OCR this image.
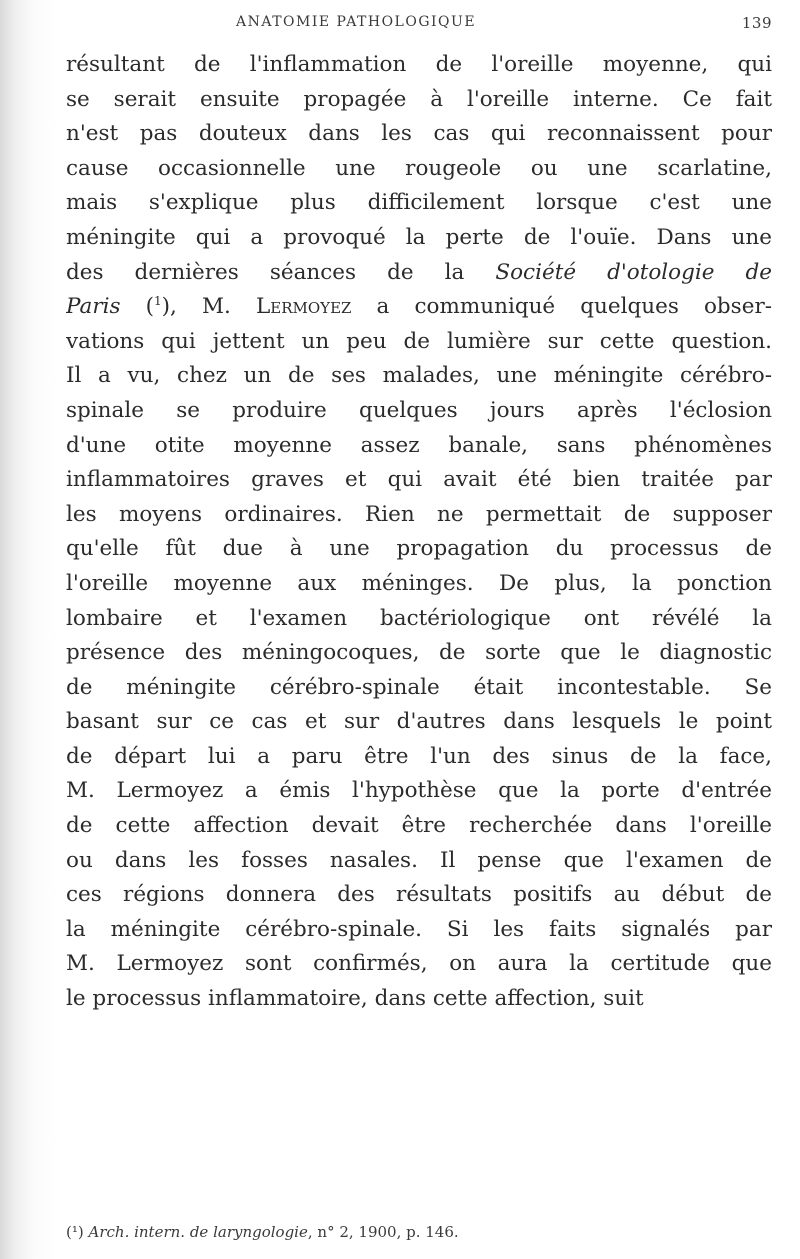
ANATOMIE PATHOLOGIQUE	139
résultant de l'inflammation de l'oreille moyenne, qui
se serait ensuite propagée à l'oreille interne. Ce fait
n'est pas douteux dans les cas qui reconnaissent pour
cause occasionnelle une rougeole ou une scarlatine,
mais s'explique plus difficilement lorsque c'est une
méningite qui a provoqué la perte de l'ouïe. Dans une
des dernières séances de la Société d'otologie de
Paris ($^1$), M. Lermoyez a communiqué quelques obser-
vations qui jettent un peu de lumière sur cette question.
Il a vu, chez un de ses malades, une méningite cérébro-
spinale se produire quelques jours après l'éclosion
d'une otite moyenne assez banale, sans phénomènes
inflammatoires graves et qui avait été bien traitée par
les moyens ordinaires. Rien ne permettait de supposer
qu'elle fût due à une propagation du processus de
l'oreille moyenne aux méninges. De plus, la ponction
lombaire et l'examen bactériologique ont révélé la
présence des méningocoques, de sorte que le diagnostic
de méningite cérébro-spinale était incontestable. Se
basant sur ce cas et sur d'autres dans lesquels le point
de départ lui a paru être l'un des sinus de la face,
M. Lermoyez a émis l'hypothèse que la porte d'entrée
de cette affection devait être recherchée dans l'oreille
ou dans les fosses nasales. Il pense que l'examen de
ces régions donnera des résultats positifs au début de
la méningite cérébro-spinale. Si les faits signalés par
M. Lermoyez sont confirmés, on aura la certitude que
le processus inflammatoire, dans cette affection, suit
(¹) Arch. intern. de laryngologie, n° 2, 1900, p. 146.
